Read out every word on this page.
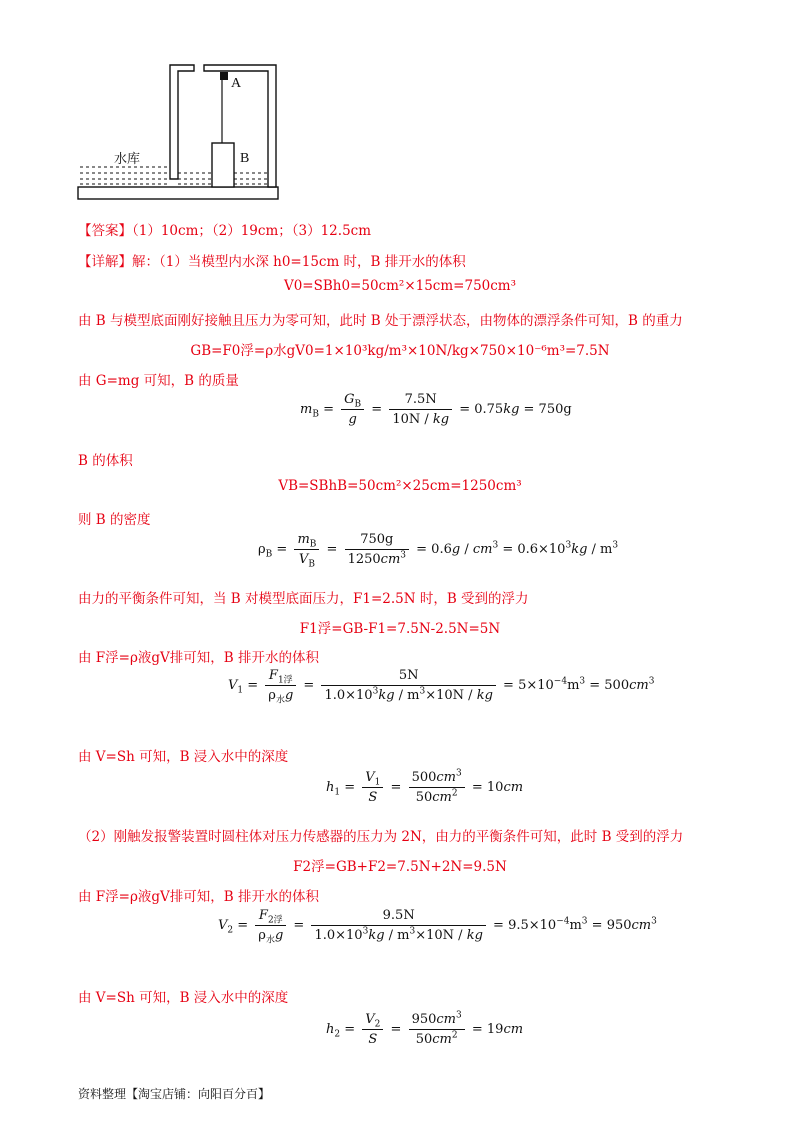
A
B
水库
【答案】（1）10cm；（2）19cm；（3）12.5cm
【详解】解：（1）当模型内水深 h0=15cm 时，B 排开水的体积
V0=SBh0=50cm²×15cm=750cm³
由 B 与模型底面刚好接触且压力为零可知，此时 B 处于漂浮状态，由物体的漂浮条件可知，B 的重力
GB=F0浮=ρ水gV0=1×10³kg/m³×10N/kg×750×10⁻⁶m³=7.5N
由 G=mg 可知，B 的质量
$m_B = \frac{G_B}{g} = \frac{7.5N}{10N / kg} = 0.75kg = 750g$
B 的体积
VB=SBhB=50cm²×25cm=1250cm³
则 B 的密度
$\rho_B = \frac{m_B}{V_B} = \frac{750g}{1250cm^3} = 0.6g / cm^3 = 0.6\times 10^3kg / m^3$
由力的平衡条件可知，当 B 对模型底面压力，F1=2.5N 时，B 受到的浮力
F1浮=GB-F1=7.5N-2.5N=5N
由 F浮=ρ液gV排可知，B 排开水的体积
$V_1 = \frac{F_{1浮}}{\rho_水g} = \frac{5N}{1.0\times 10^3kg / m^3\times 10N / kg} = 5\times 10^{-4}m^3 = 500cm^3$
由 V=Sh 可知，B 浸入水中的深度
$h_1 = \frac{V_1}{S} = \frac{500cm^3}{50cm^2} = 10cm$
（2）刚触发报警装置时圆柱体对压力传感器的压力为 2N，由力的平衡条件可知，此时 B 受到的浮力
F2浮=GB+F2=7.5N+2N=9.5N
由 F浮=ρ液gV排可知，B 排开水的体积
$V_2 = \frac{F_{2浮}}{\rho_水g} = \frac{9.5N}{1.0\times 10^3kg / m^3\times 10N / kg} = 9.5\times 10^{-4}m^3 = 950cm^3$
由 V=Sh 可知，B 浸入水中的深度
$h_2 = \frac{V_2}{S} = \frac{950cm^3}{50cm^2} = 19cm$
资料整理【淘宝店铺：向阳百分百】
